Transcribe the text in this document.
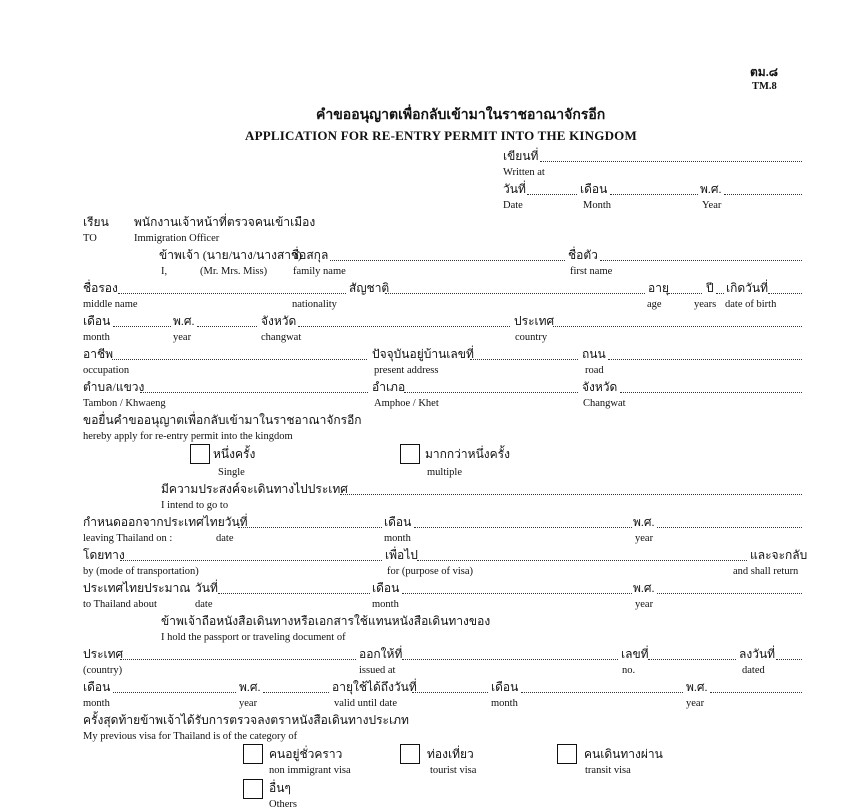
ตม.๘
TM.8
คำขออนุญาตเพื่อกลับเข้ามาในราชอาณาจักรอีก
APPLICATION FOR RE-ENTRY PERMIT INTO THE KINGDOM
เขียนที่
Written at
วันที่	เดือน	พ.ศ.
Date	Month	Year
เรียน พนักงานเจ้าหน้าที่ตรวจคนเข้าเมือง
TO	Immigration Officer
ข้าพเจ้า (นาย/นาง/นางสาว)
ชื่อสกุล	ชื่อตัว
I,	(Mr. Mrs. Miss) family name	first name
ชื่อรอง	สัญชาติ	อายุ	ปี เกิดวันที่
middle name	nationality	age	years date of birth
เดือน	พ.ศ.	จังหวัด	ประเทศ
month	year	changwat	country
อาชีพ	ปัจจุบันอยู่บ้านเลขที่	ถนน
occupation	present address	road
ตำบล/แขวง	อำเภอ	จังหวัด
Tambon / Khwaeng	Amphoe / Khet	Changwat
ขอยื่นคำขออนุญาตเพื่อกลับเข้ามาในราชอาณาจักรอีก
hereby apply for re-entry permit into the kingdom
หนึ่งครั้ง
Single
มากกว่าหนึ่งครั้ง
multiple
มีความประสงค์จะเดินทางไปประเทศ
I intend to go to
กำหนดออกจากประเทศไทยวันที่	เดือน	พ.ศ.
leaving Thailand on :	date	month	year
โดยทาง	เพื่อไป	และจะกลับ
by (mode of transportation)	for (purpose of visa)	and shall return
ประเทศไทยประมาณ วันที่	เดือน	พ.ศ.
to Thailand about	date	month	year
ข้าพเจ้าถือหนังสือเดินทางหรือเอกสารใช้แทนหนังสือเดินทางของ
I hold the passport or traveling document of
ประเทศ	ออกให้ที่	เลขที่	ลงวันที่
(country)	issued at	no.	dated
เดือน	พ.ศ.	อายุใช้ได้ถึงวันที่	เดือน	พ.ศ.
month	year	valid until date	month	year
ครั้งสุดท้ายข้าพเจ้าได้รับการตรวจลงตราหนังสือเดินทางประเภท
My previous visa for Thailand is of the category of
คนอยู่ชั่วคราว
non immigrant visa
ท่องเที่ยว
tourist visa
คนเดินทางผ่าน
transit visa
อื่นๆ
Others
